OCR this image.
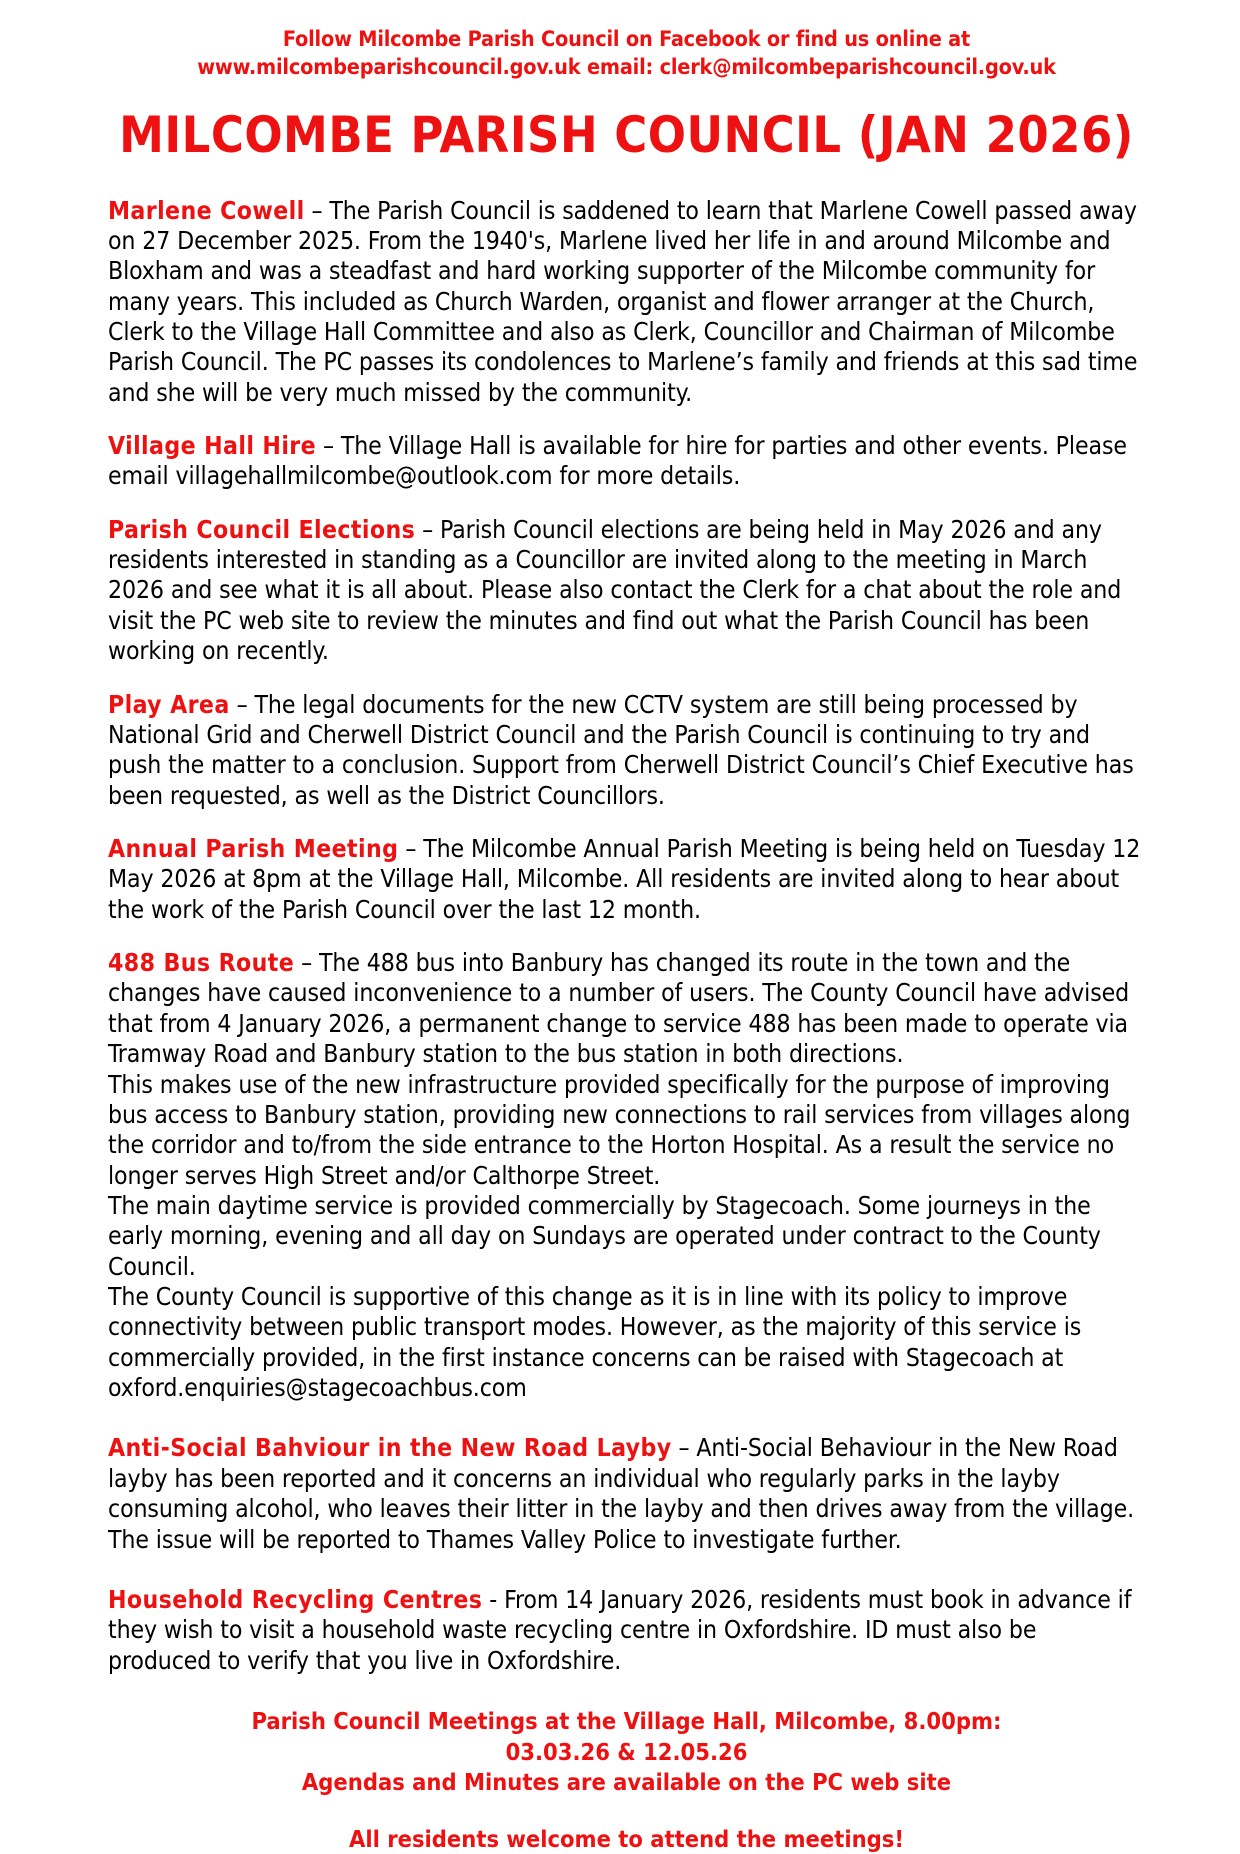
Follow Milcombe Parish Council on Facebook or find us online at
www.milcombeparishcouncil.gov.uk email: clerk@milcombeparishcouncil.gov.uk
MILCOMBE PARISH COUNCIL (JAN 2026)

Marlene Cowell – The Parish Council is saddened to learn that Marlene Cowell passed away on 27 December 2025. From the 1940's, Marlene lived her life in and around Milcombe and Bloxham and was a steadfast and hard working supporter of the Milcombe community for many years. This included as Church Warden, organist and flower arranger at the Church, Clerk to the Village Hall Committee and also as Clerk, Councillor and Chairman of Milcombe Parish Council. The PC passes its condolences to Marlene’s family and friends at this sad time and she will be very much missed by the community.

Village Hall Hire – The Village Hall is available for hire for parties and other events. Please email villagehallmilcombe@outlook.com for more details.

Parish Council Elections – Parish Council elections are being held in May 2026 and any residents interested in standing as a Councillor are invited along to the meeting in March 2026 and see what it is all about. Please also contact the Clerk for a chat about the role and visit the PC web site to review the minutes and find out what the Parish Council has been working on recently.

Play Area – The legal documents for the new CCTV system are still being processed by National Grid and Cherwell District Council and the Parish Council is continuing to try and push the matter to a conclusion. Support from Cherwell District Council’s Chief Executive has been requested, as well as the District Councillors.

Annual Parish Meeting – The Milcombe Annual Parish Meeting is being held on Tuesday 12 May 2026 at 8pm at the Village Hall, Milcombe. All residents are invited along to hear about the work of the Parish Council over the last 12 month.

488 Bus Route – The 488 bus into Banbury has changed its route in the town and the changes have caused inconvenience to a number of users. The County Council have advised that from 4 January 2026, a permanent change to service 488 has been made to operate via Tramway Road and Banbury station to the bus station in both directions.

This makes use of the new infrastructure provided specifically for the purpose of improving bus access to Banbury station, providing new connections to rail services from villages along the corridor and to/from the side entrance to the Horton Hospital. As a result the service no longer serves High Street and/or Calthorpe Street.

The main daytime service is provided commercially by Stagecoach. Some journeys in the early morning, evening and all day on Sundays are operated under contract to the County Council.

The County Council is supportive of this change as it is in line with its policy to improve connectivity between public transport modes. However, as the majority of this service is commercially provided, in the first instance concerns can be raised with Stagecoach at oxford.enquiries@stagecoachbus.com

Anti-Social Bahviour in the New Road Layby – Anti-Social Behaviour in the New Road layby has been reported and it concerns an individual who regularly parks in the layby consuming alcohol, who leaves their litter in the layby and then drives away from the village. The issue will be reported to Thames Valley Police to investigate further.

Household Recycling Centres - From 14 January 2026, residents must book in advance if they wish to visit a household waste recycling centre in Oxfordshire. ID must also be produced to verify that you live in Oxfordshire.

Parish Council Meetings at the Village Hall, Milcombe, 8.00pm:
03.03.26 & 12.05.26
Agendas and Minutes are available on the PC web site
All residents welcome to attend the meetings!
